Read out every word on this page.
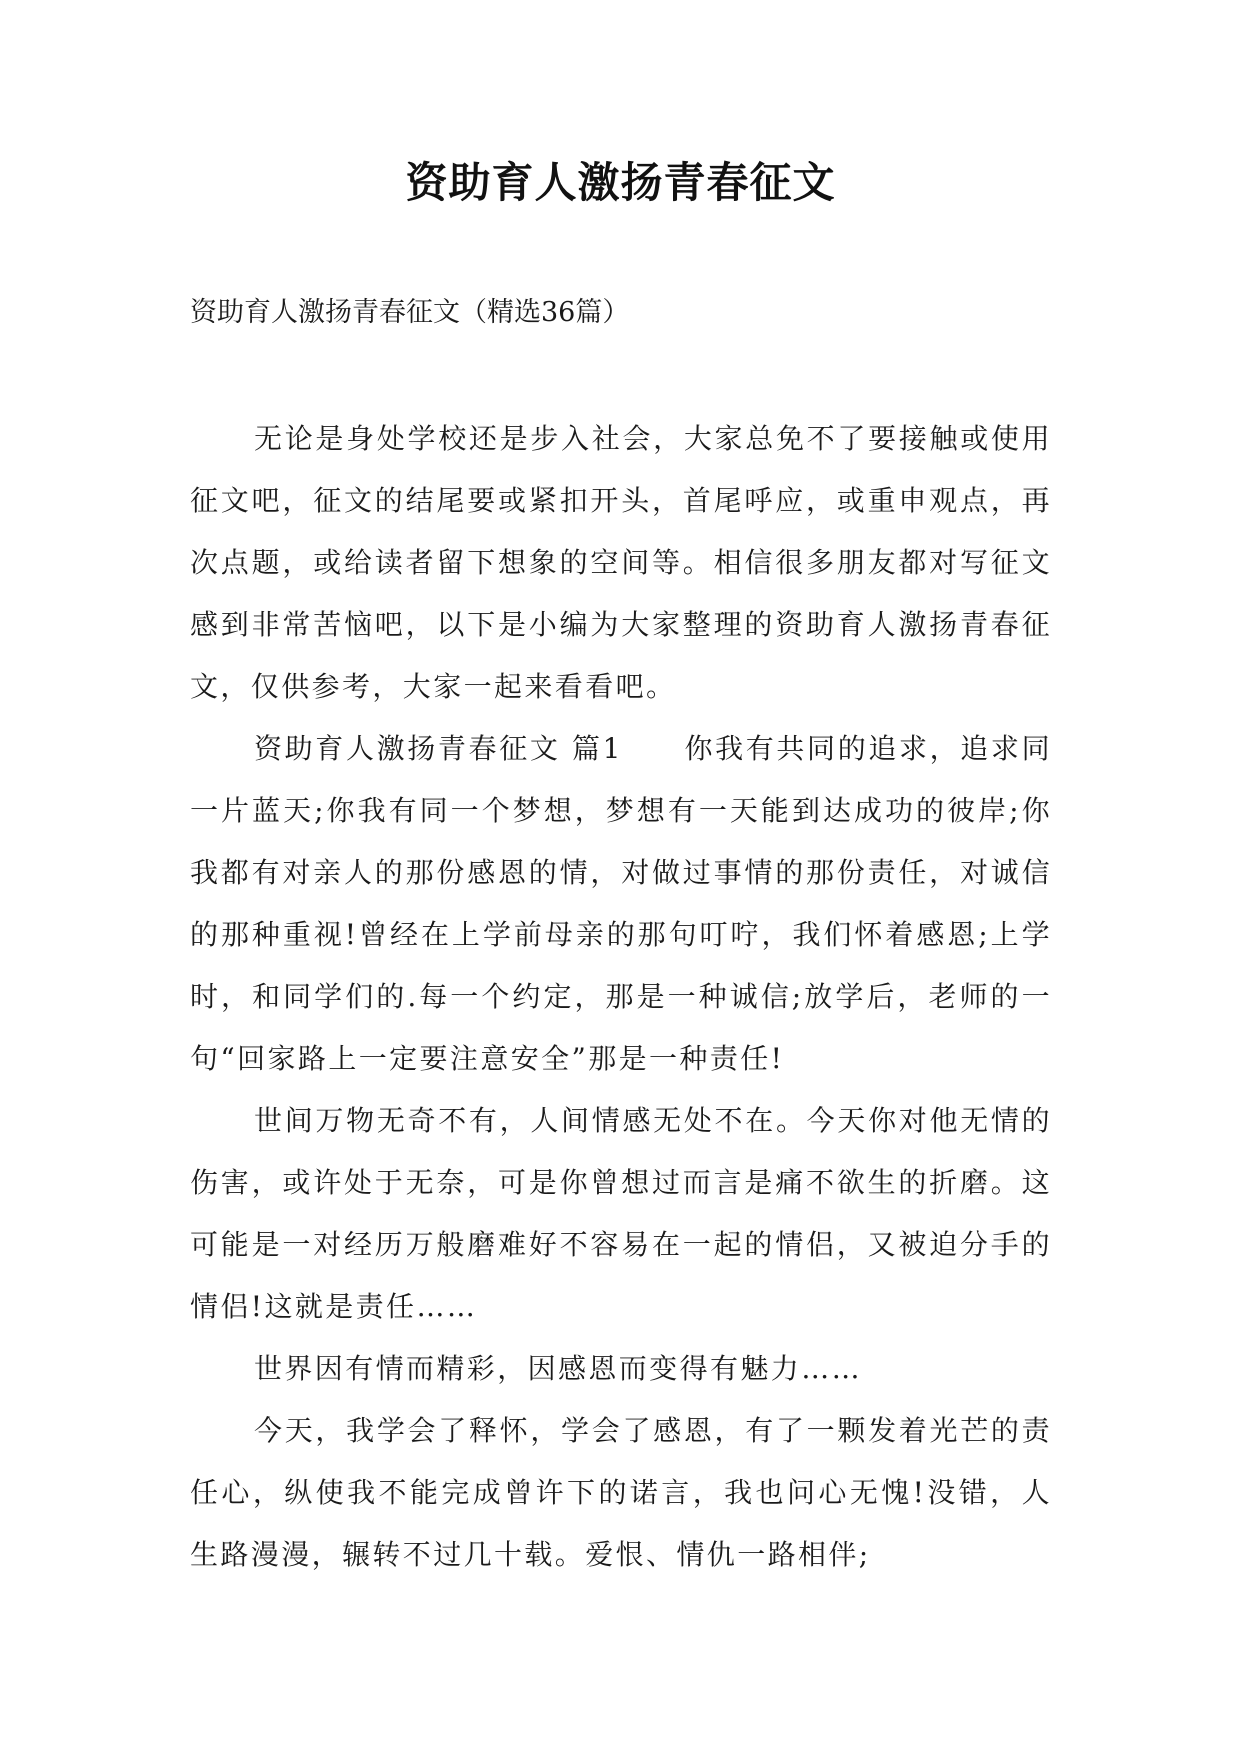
资助育人激扬青春征文

资助育人激扬青春征文（精选36篇）

无论是身处学校还是步入社会，大家总免不了要接触或使用征文吧，征文的结尾要或紧扣开头，首尾呼应，或重申观点，再次点题，或给读者留下想象的空间等。相信很多朋友都对写征文感到非常苦恼吧，以下是小编为大家整理的资助育人激扬青春征文，仅供参考，大家一起来看看吧。

资助育人激扬青春征文 篇1　　你我有共同的追求，追求同一片蓝天;你我有同一个梦想，梦想有一天能到达成功的彼岸;你我都有对亲人的那份感恩的情，对做过事情的那份责任，对诚信的那种重视!曾经在上学前母亲的那句叮咛，我们怀着感恩;上学时，和同学们的.每一个约定，那是一种诚信;放学后，老师的一句“回家路上一定要注意安全”那是一种责任!

世间万物无奇不有，人间情感无处不在。今天你对他无情的伤害，或许处于无奈，可是你曾想过而言是痛不欲生的折磨。这可能是一对经历万般磨难好不容易在一起的情侣，又被迫分手的情侣!这就是责任……

世界因有情而精彩，因感恩而变得有魅力……

今天，我学会了释怀，学会了感恩，有了一颗发着光芒的责任心，纵使我不能完成曾许下的诺言，我也问心无愧!没错，人生路漫漫，辗转不过几十载。爱恨、情仇一路相伴;
